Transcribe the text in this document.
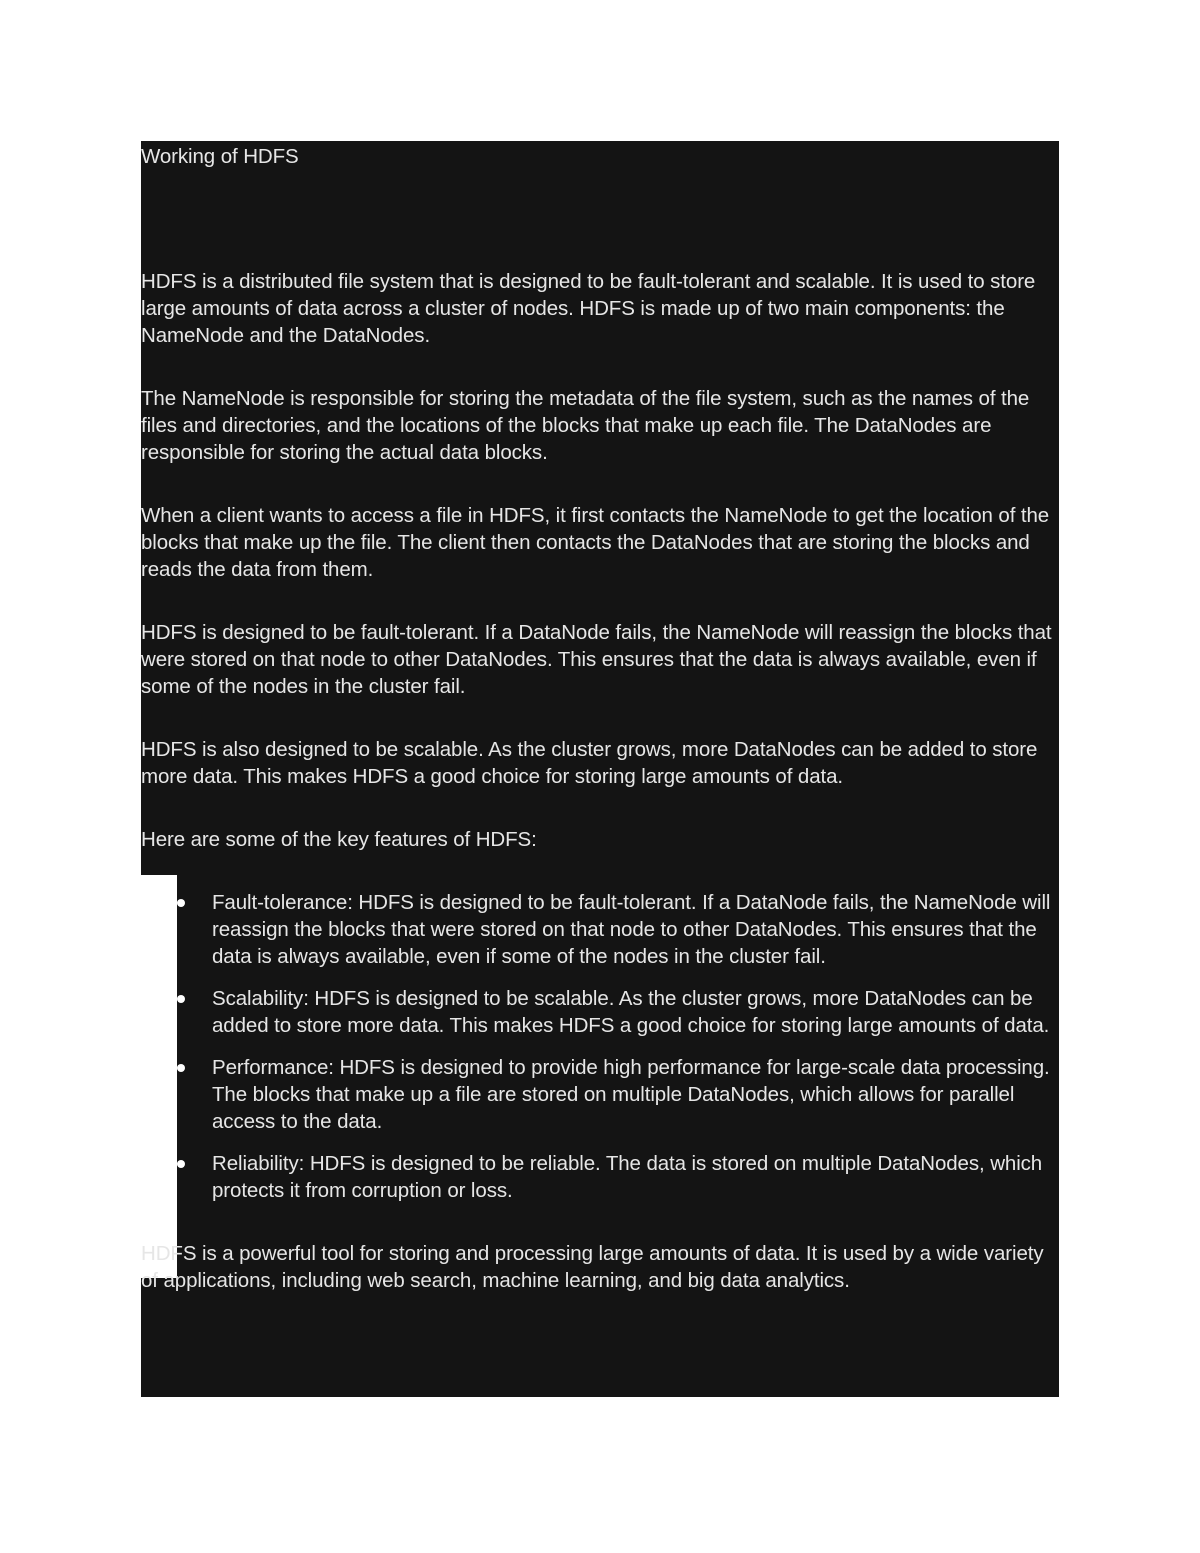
Working of HDFS

HDFS is a distributed file system that is designed to be fault-tolerant and scalable. It is used to store large amounts of data across a cluster of nodes. HDFS is made up of two main components: the NameNode and the DataNodes.

The NameNode is responsible for storing the metadata of the file system, such as the names of the files and directories, and the locations of the blocks that make up each file. The DataNodes are responsible for storing the actual data blocks.

When a client wants to access a file in HDFS, it first contacts the NameNode to get the location of the blocks that make up the file. The client then contacts the DataNodes that are storing the blocks and reads the data from them.

HDFS is designed to be fault-tolerant. If a DataNode fails, the NameNode will reassign the blocks that were stored on that node to other DataNodes. This ensures that the data is always available, even if some of the nodes in the cluster fail.

HDFS is also designed to be scalable. As the cluster grows, more DataNodes can be added to store more data. This makes HDFS a good choice for storing large amounts of data.

Here are some of the key features of HDFS:

Fault-tolerance: HDFS is designed to be fault-tolerant. If a DataNode fails, the NameNode will reassign the blocks that were stored on that node to other DataNodes. This ensures that the data is always available, even if some of the nodes in the cluster fail.
Scalability: HDFS is designed to be scalable. As the cluster grows, more DataNodes can be added to store more data. This makes HDFS a good choice for storing large amounts of data.
Performance: HDFS is designed to provide high performance for large-scale data processing. The blocks that make up a file are stored on multiple DataNodes, which allows for parallel access to the data.
Reliability: HDFS is designed to be reliable. The data is stored on multiple DataNodes, which protects it from corruption or loss.

HDFS is a powerful tool for storing and processing large amounts of data. It is used by a wide variety of applications, including web search, machine learning, and big data analytics.
